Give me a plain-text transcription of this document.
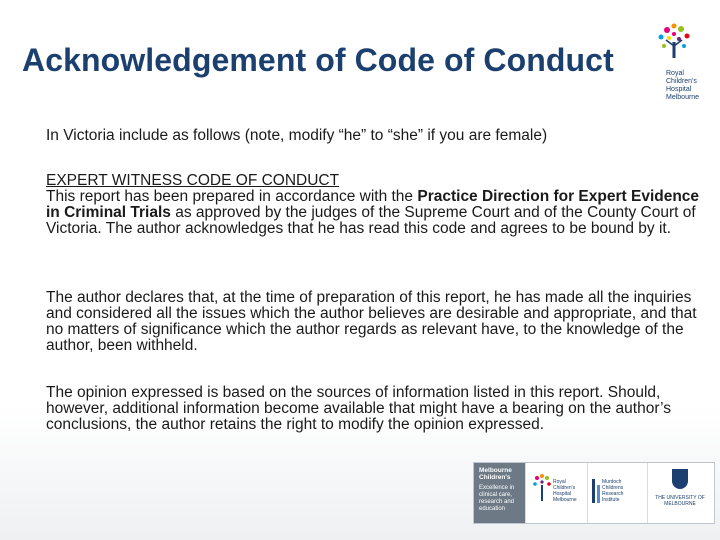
Acknowledgement of Code of Conduct	Royal
Children's
Hospital
Melbourne
In Victoria include as follows (note, modify “he” to “she” if you are female)
EXPERT WITNESS CODE OF CONDUCT
This report has been prepared in accordance with the Practice Direction for Expert Evidence in Criminal Trials as approved by the judges of the Supreme Court and of the County Court of Victoria. The author acknowledges that he has read this code and agrees to be bound by it.
The author declares that, at the time of preparation of this report, he has made all the inquiries and considered all the issues which the author believes are desirable and appropriate, and that no matters of significance which the author regards as relevant have, to the knowledge of the author, been withheld.
The opinion expressed is based on the sources of information listed in this report. Should, however, additional information become available that might have a bearing on the author’s conclusions, the author retains the right to modify the opinion expressed.
Melbourne
Children's
Excellence in
clinical care,
research and
education
Royal
Children's
Hospital
Melbourne
Murdoch
Childrens
Research
Institute	THE UNIVERSITY OF
MELBOURNE
